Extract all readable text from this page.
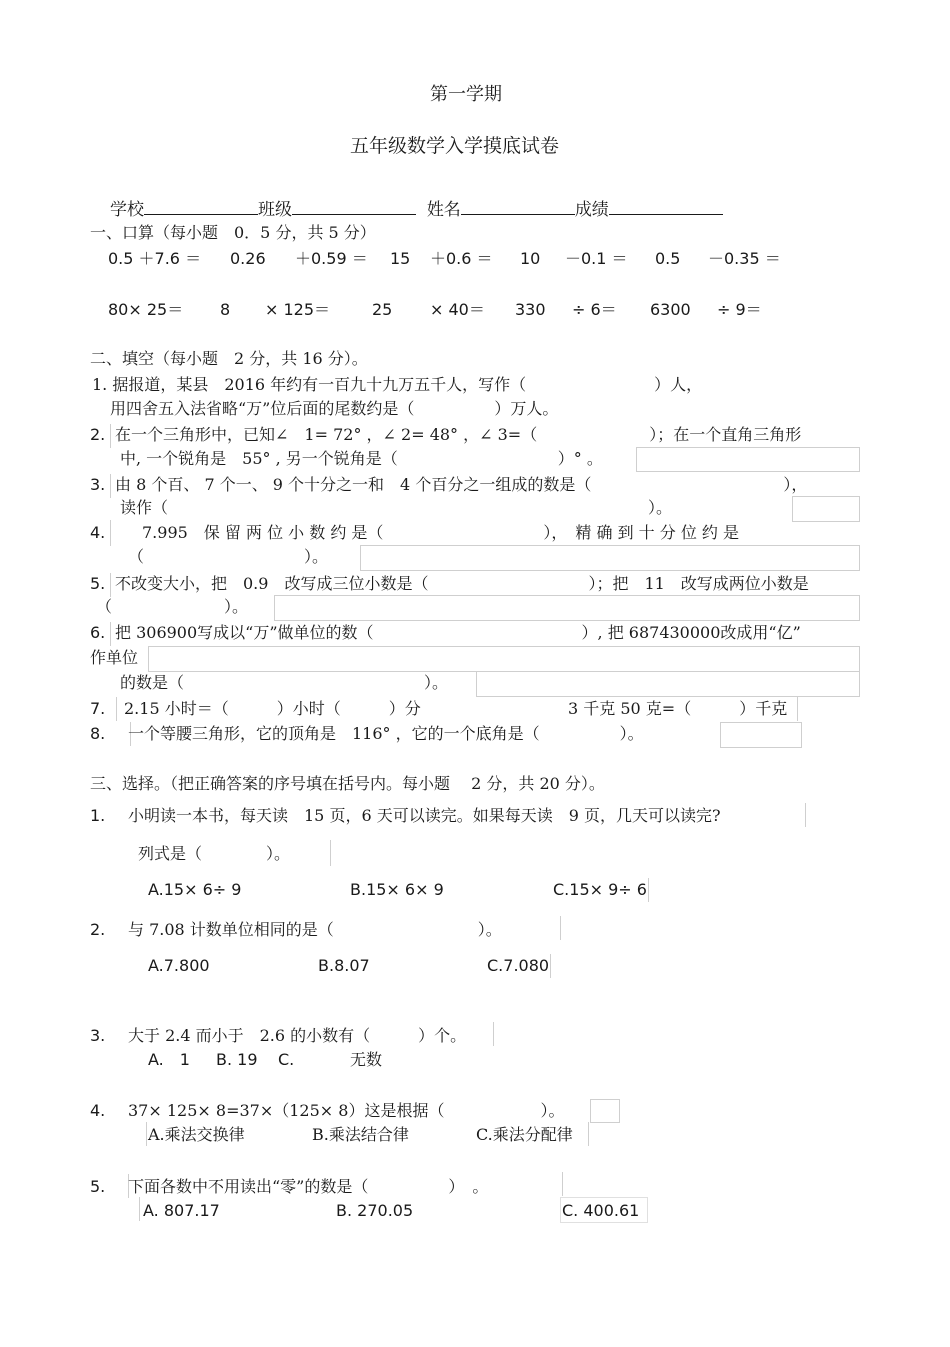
第一学期
五年级数学入学摸底试卷
学校	班级	姓名	成绩
一、口算（每小题　0．5 分，共 5 分）
0.5 ＋7.6 ＝ 0.26 ＋0.59 ＝ 15 ＋0.6 ＝ 10 －0.1 ＝ 0.5 －0.35 ＝
80× 25＝ 8 × 125＝	25 × 40＝ 330 ÷ 6＝ 6300 ÷ 9＝
二、填空（每小题　2 分，共 16 分）。
1. 据报道，某县　2016 年约有一百九十九万五千人，写作（　　　　　　　　）人，
用四舍五入法省略“万”位后面的尾数约是（　　　　　）万人。
2. 在一个三角形中，已知∠　1= 72° ，∠ 2= 48° ，∠ 3=（　　　　　　　）；在一个直角三角形
中, 一个锐角是　55° , 另一个锐角是（　　　　　　　　　　）° 。
3. 由 8 个百、 7 个一、 9 个十分之一和　4 个百分之一组成的数是（　　　　　　　　　　　　），
读作（　　　　　　　　　　　　　　　　　　　　　　　　　　　　　　）。
4. 7.995　保 留 两 位 小 数 约 是（　　　　　　　　　　），　精 确 到 十 分 位 约 是
（　　　　　　　　　　）。
5. 不改变大小，把　0.9　改写成三位小数是（　　　　　　　　　　）；把　11　改写成两位小数是
（　　　　　　　）。
6. 把 306900写成以“万”做单位的数（　　　　　　　　　　　　　）, 把 687430000改成用“亿”
作单位
的数是（　　　　　　　　　　　　　　　）。
7. 2.15 小时＝（　　　）小时（　　　）分	3 千克 50 克=（　　　）千克
8. 一个等腰三角形，它的顶角是　116° ，它的一个底角是（　　　　　）。
三、选择。（把正确答案的序号填在括号内。每小题　 2 分，共 20 分）。
1. 小明读一本书，每天读　15 页，6 天可以读完。如果每天读　9 页，几天可以读完?
列式是（　　　　）。
A.15× 6÷ 9	B.15× 6× 9	C.15× 9÷ 6
2. 与 7.08 计数单位相同的是（　　　　　　　　　）。
A.7.800	B.8.07	C.7.080
3. 大于 2.4 而小于　2.6 的小数有（　　　）个。
A.　1 B. 19 C.	无数
4. 37× 125× 8=37×（125× 8）这是根据（　　　　　　）。
A.乘法交换律	B.乘法结合律	C.乘法分配律
5. 下面各数中不用读出“零”的数是（　　　　　）　。
A. 807.17	B. 270.05	C. 400.61
